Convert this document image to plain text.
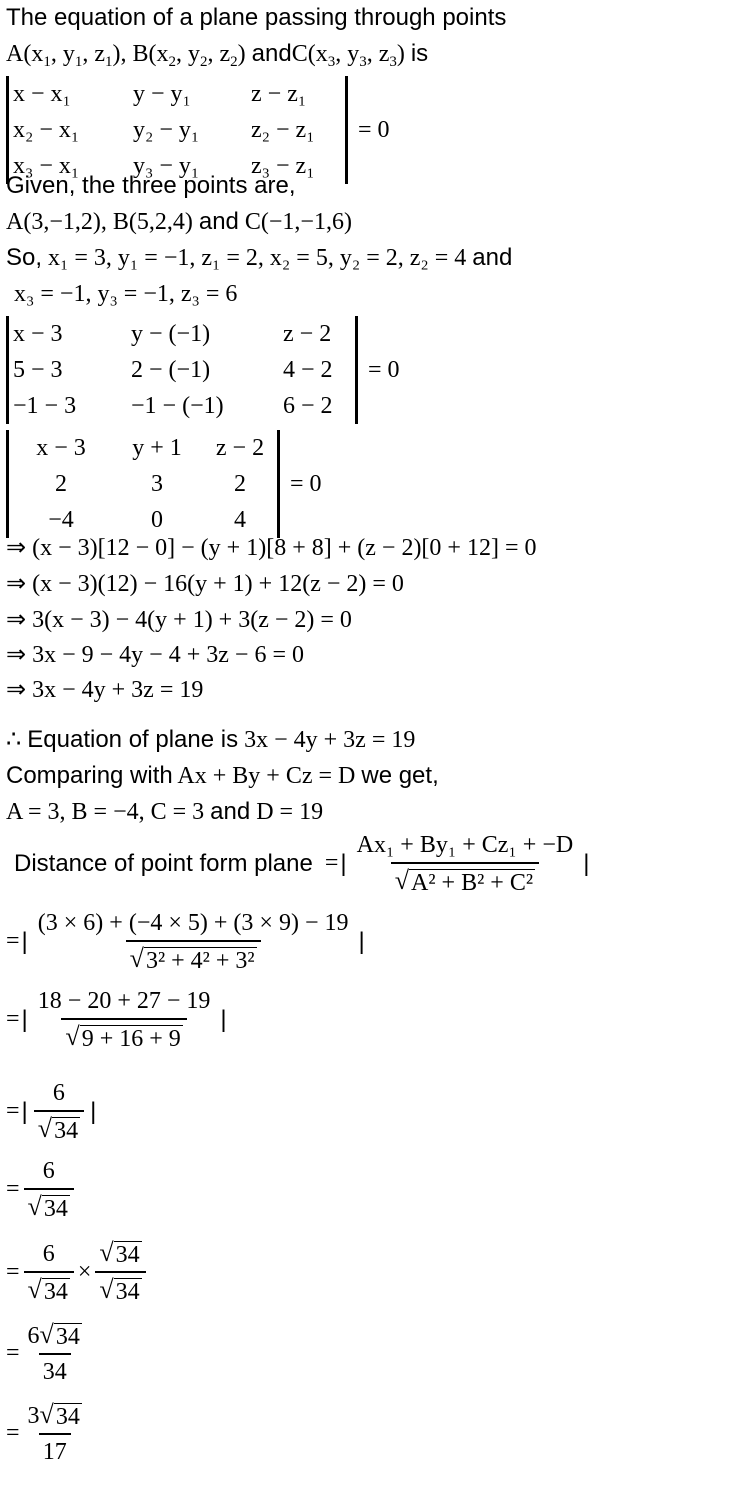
The equation of a plane passing through points
$A(x_1$, $y_1$, $z_1$), $B(x_2$, $y_2$, $z_2$) $andC(x_3$, $y_3$, $z_3$) is
x − x₁	y − y₁	z − z₁
x₂ − x₁	y₂ − y₁	z₂ − z₁
x₃ − x₁	y₃ − y₁	z₃ − z₁
= 0
Given, the three points are,
A(3,−1,2), B(5,2,4) and C(−1,−1,6)
So, x₁ = 3, y₁ = −1, z₁ = 2, x₂ = 5, y₂ = 2, z₂ = 4 and
x₃ = −1, y₃ = −1, z₃ = 6
x − 3	y − (−1)	z − 2
5 − 3	2 − (−1)	4 − 2
−1 − 3	−1 − (−1)	6 − 2
= 0
x − 3	y + 1	z − 2
2	3	2
−4	0	4
= 0
⇒ (x − 3)[12 − 0] − (y + 1)[8 + 8] + (z − 2)[0 + 12] = 0
⇒ (x − 3)(12) − 16(y + 1) + 12(z − 2) = 0
⇒ 3(x − 3) − 4(y + 1) + 3(z − 2) = 0
⇒ 3x − 9 − 4y − 4 + 3z − 6 = 0
⇒ 3x − 4y + 3z = 19
∴ Equation of plane is 3x − 4y + 3z = 19
Comparing with Ax + By + Cz = D we get,
A = 3, B = −4, C = 3 and D = 19
Distance of point form plane = | $\frac{\text{Ax₁ + By₁ + Cz₁ + −D}}{\text{√ A² + B² + C²}}$ |
= | $\frac{(3 \times 6) + (-4 \times 5) + (3 \times 9) - 19}{\text{√ 3² + 4² + 3²}}$ |
= | $\frac{18 - 20 + 27 - 19}{√ 9 + 16 + 9}$ |
= | $\frac{6}{√ 34}$ |
= $\frac{6}{√ 34}$
= $\frac{6}{√ 34} \times \frac{√ 34}{√ 34}$
= $\frac{6 √ 34}{34}$
= $\frac{3 √ 34}{17}$
